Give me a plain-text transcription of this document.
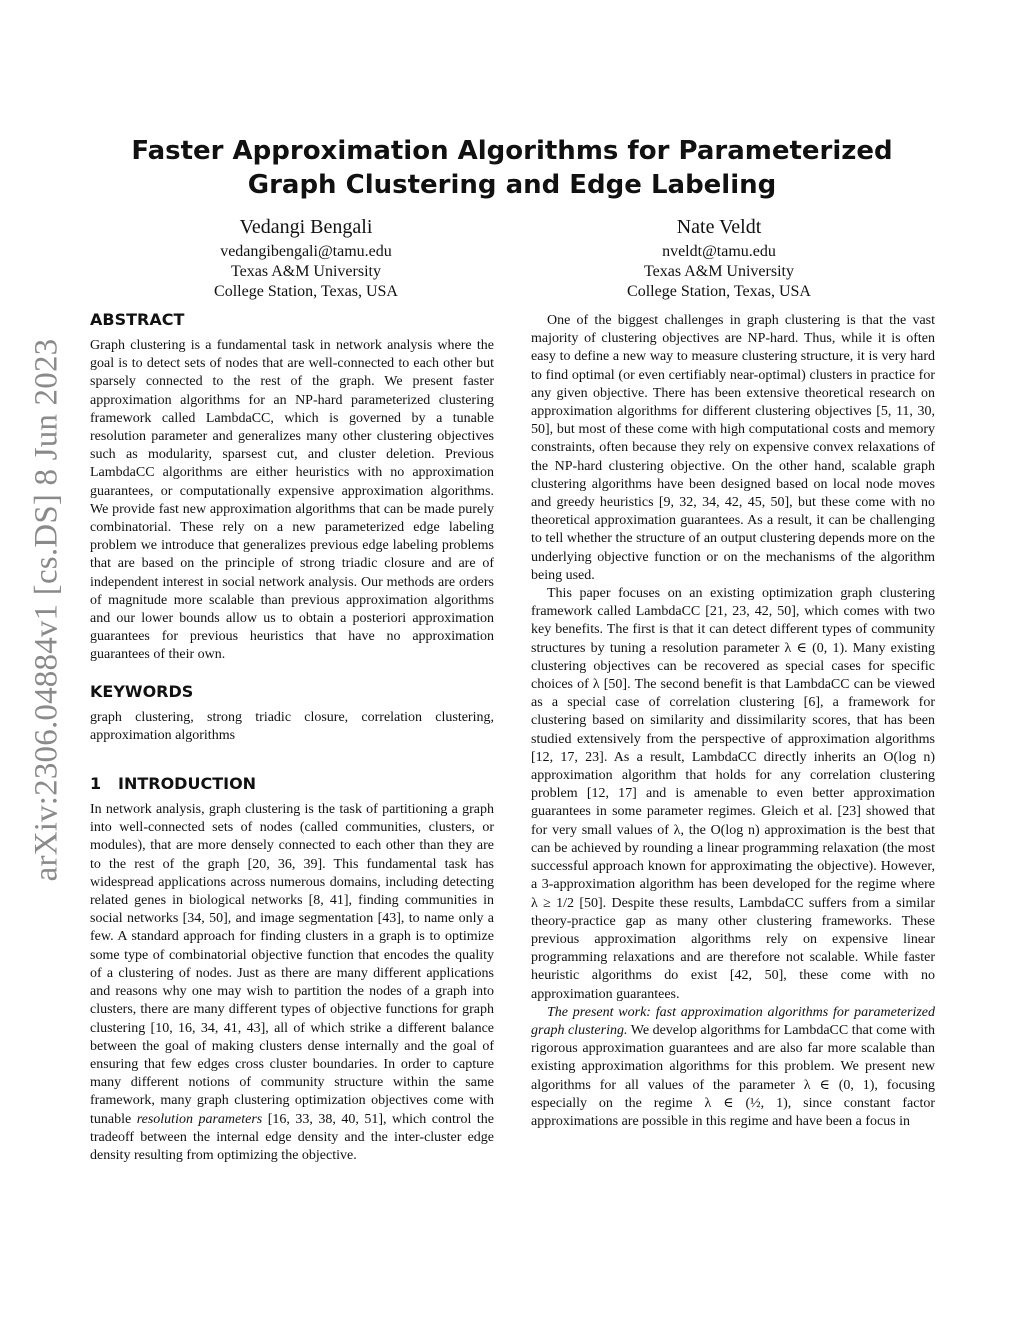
arXiv:2306.04884v1 [cs.DS] 8 Jun 2023
Faster Approximation Algorithms for Parameterized Graph Clustering and Edge Labeling
Vedangi Bengali
vedangibengali@tamu.edu
Texas A&M University
College Station, Texas, USA
Nate Veldt
nveldt@tamu.edu
Texas A&M University
College Station, Texas, USA
ABSTRACT

Graph clustering is a fundamental task in network analysis where the goal is to detect sets of nodes that are well-connected to each other but sparsely connected to the rest of the graph. We present faster approximation algorithms for an NP-hard parameterized clustering framework called LambdaCC, which is governed by a tunable resolution parameter and generalizes many other clustering objectives such as modularity, sparsest cut, and cluster deletion. Previous LambdaCC algorithms are either heuristics with no approximation guarantees, or computationally expensive approximation algorithms. We provide fast new approximation algorithms that can be made purely combinatorial. These rely on a new parameterized edge labeling problem we introduce that generalizes previous edge labeling problems that are based on the principle of strong triadic closure and are of independent interest in social network analysis. Our methods are orders of magnitude more scalable than previous approximation algorithms and our lower bounds allow us to obtain a posteriori approximation guarantees for previous heuristics that have no approximation guarantees of their own.

KEYWORDS

graph clustering, strong triadic closure, correlation clustering, approximation algorithms

1 INTRODUCTION

In network analysis, graph clustering is the task of partitioning a graph into well-connected sets of nodes (called communities, clusters, or modules), that are more densely connected to each other than they are to the rest of the graph [20, 36, 39]. This fundamental task has widespread applications across numerous domains, including detecting related genes in biological networks [8, 41], finding communities in social networks [34, 50], and image segmentation [43], to name only a few. A standard approach for finding clusters in a graph is to optimize some type of combinatorial objective function that encodes the quality of a clustering of nodes. Just as there are many different applications and reasons why one may wish to partition the nodes of a graph into clusters, there are many different types of objective functions for graph clustering [10, 16, 34, 41, 43], all of which strike a different balance between the goal of making clusters dense internally and the goal of ensuring that few edges cross cluster boundaries. In order to capture many different notions of community structure within the same framework, many graph clustering optimization objectives come with tunable resolution parameters [16, 33, 38, 40, 51], which control the tradeoff between the internal edge density and the inter-cluster edge density resulting from optimizing the objective.

One of the biggest challenges in graph clustering is that the vast majority of clustering objectives are NP-hard. Thus, while it is often easy to define a new way to measure clustering structure, it is very hard to find optimal (or even certifiably near-optimal) clusters in practice for any given objective. There has been extensive theoretical research on approximation algorithms for different clustering objectives [5, 11, 30, 50], but most of these come with high computational costs and memory constraints, often because they rely on expensive convex relaxations of the NP-hard clustering objective. On the other hand, scalable graph clustering algorithms have been designed based on local node moves and greedy heuristics [9, 32, 34, 42, 45, 50], but these come with no theoretical approximation guarantees. As a result, it can be challenging to tell whether the structure of an output clustering depends more on the underlying objective function or on the mechanisms of the algorithm being used.

This paper focuses on an existing optimization graph clustering framework called LambdaCC [21, 23, 42, 50], which comes with two key benefits. The first is that it can detect different types of community structures by tuning a resolution parameter λ ∈ (0, 1). Many existing clustering objectives can be recovered as special cases for specific choices of λ [50]. The second benefit is that LambdaCC can be viewed as a special case of correlation clustering [6], a framework for clustering based on similarity and dissimilarity scores, that has been studied extensively from the perspective of approximation algorithms [12, 17, 23]. As a result, LambdaCC directly inherits an O(log n) approximation algorithm that holds for any correlation clustering problem [12, 17] and is amenable to even better approximation guarantees in some parameter regimes. Gleich et al. [23] showed that for very small values of λ, the O(log n) approximation is the best that can be achieved by rounding a linear programming relaxation (the most successful approach known for approximating the objective). However, a 3-approximation algorithm has been developed for the regime where λ ≥ 1/2 [50]. Despite these results, LambdaCC suffers from a similar theory-practice gap as many other clustering frameworks. These previous approximation algorithms rely on expensive linear programming relaxations and are therefore not scalable. While faster heuristic algorithms do exist [42, 50], these come with no approximation guarantees.

The present work: fast approximation algorithms for parameterized graph clustering. We develop algorithms for LambdaCC that come with rigorous approximation guarantees and are also far more scalable than existing approximation algorithms for this problem. We present new algorithms for all values of the parameter λ ∈ (0, 1), focusing especially on the regime λ ∈ (½, 1), since constant factor approximations are possible in this regime and have been a focus in
